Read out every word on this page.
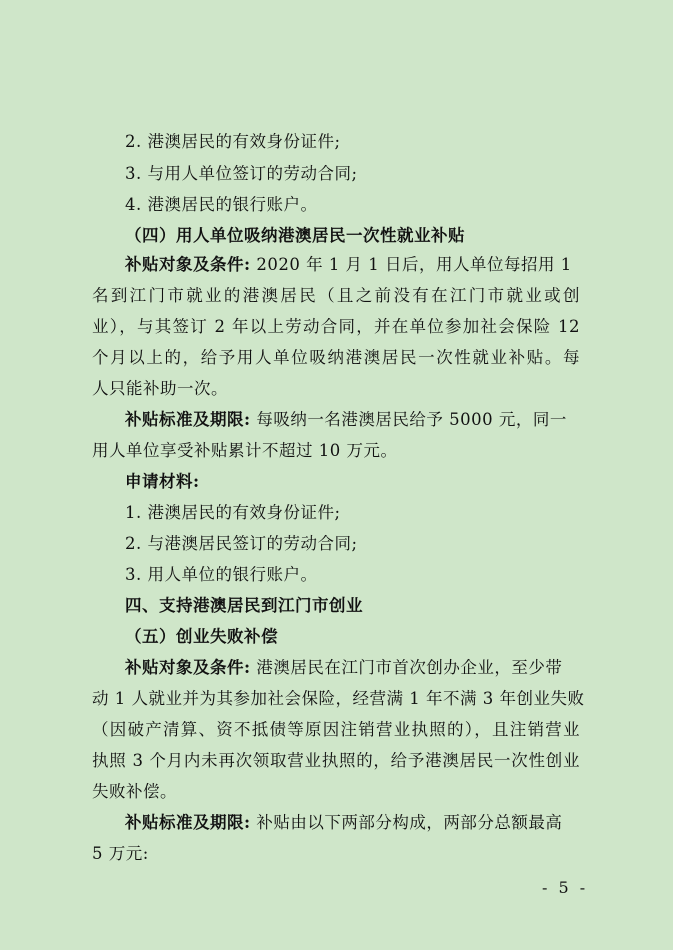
2. 港澳居民的有效身份证件;
3. 与用人单位签订的劳动合同;
4. 港澳居民的银行账户。
（四）用人单位吸纳港澳居民一次性就业补贴
补贴对象及条件: 2020 年 1 月 1 日后，用人单位每招用 1
名到江门市就业的港澳居民（且之前没有在江门市就业或创
业），与其签订 2 年以上劳动合同，并在单位参加社会保险 12
个月以上的，给予用人单位吸纳港澳居民一次性就业补贴。每
人只能补助一次。
补贴标准及期限: 每吸纳一名港澳居民给予 5000 元，同一
用人单位享受补贴累计不超过 10 万元。
申请材料:
1. 港澳居民的有效身份证件;
2. 与港澳居民签订的劳动合同;
3. 用人单位的银行账户。
四、支持港澳居民到江门市创业
（五）创业失败补偿
补贴对象及条件: 港澳居民在江门市首次创办企业，至少带
动 1 人就业并为其参加社会保险，经营满 1 年不满 3 年创业失败
（因破产清算、资不抵债等原因注销营业执照的），且注销营业
执照 3 个月内未再次领取营业执照的，给予港澳居民一次性创业
失败补偿。
补贴标准及期限: 补贴由以下两部分构成，两部分总额最高
5 万元:
- 5 -
